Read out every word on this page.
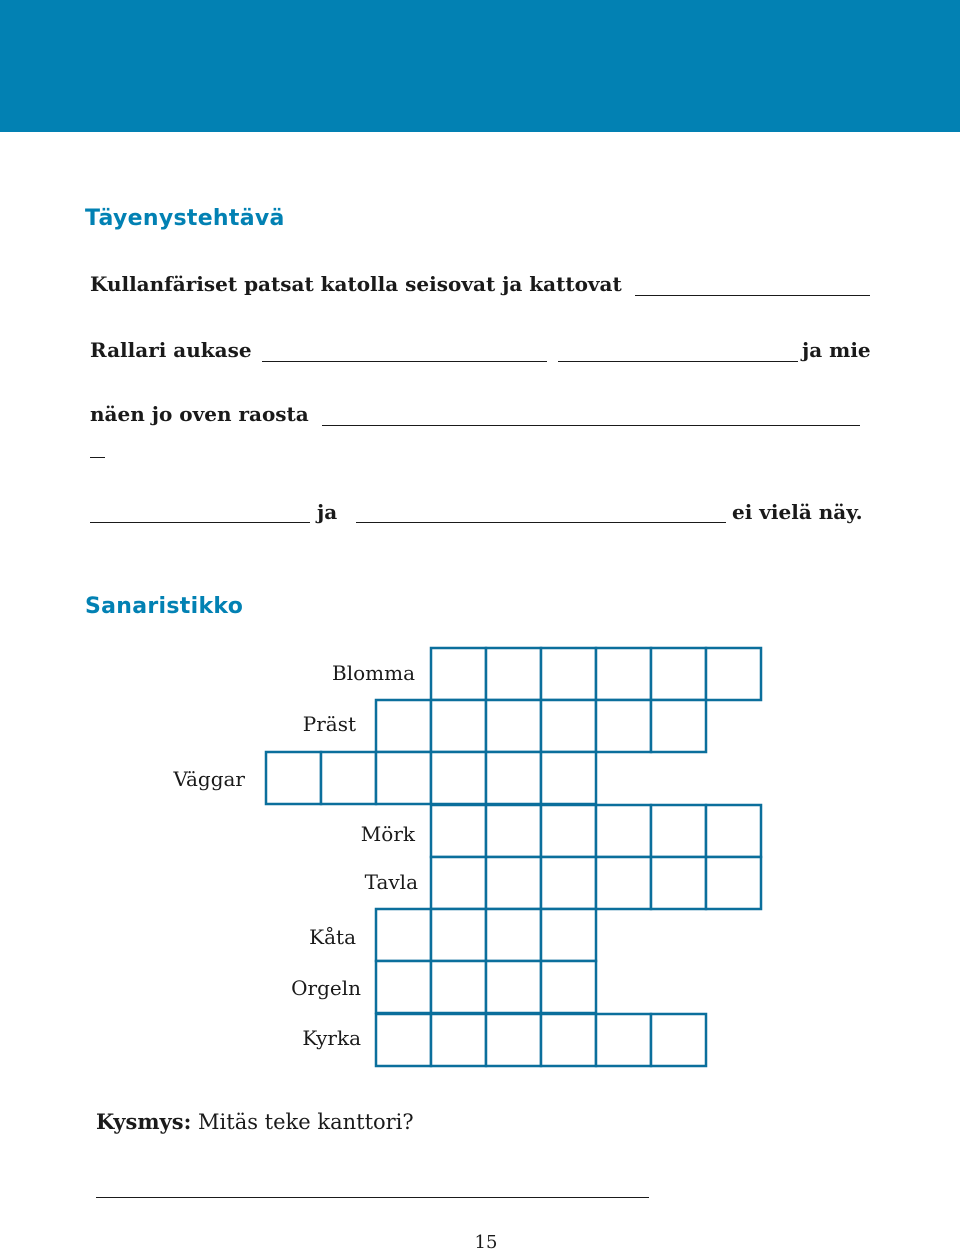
Täyenystehtävä
Kullanfäriset patsat katolla seisovat ja kattovat
Rallari aukase	ja mie
näen jo oven raosta
ja	ei vielä näy.
Sanaristikko
Blomma
Präst
Väggar
Mörk
Tavla
Kåta
Orgeln
Kyrka
Kysmys: Mitäs teke kanttori?
15
